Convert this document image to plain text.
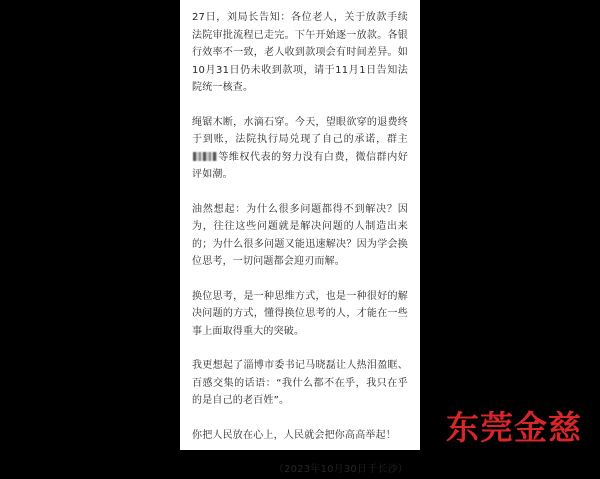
27日，刘局长告知：各位老人，关于放款手续法院审批流程已走完。下午开始逐一放款。各银行效率不一致，老人收到款项会有时间差异。如10月31日仍未收到款项，请于11月1日告知法院统一核查。

绳锯木断，水滴石穿。今天，望眼欲穿的退费终于到账，法院执行局兑现了自己的承诺，群主等维权代表的努力没有白费，微信群内好评如潮。

油然想起：为什么很多问题都得不到解决？因为，往往这些问题就是解决问题的人制造出来的；为什么很多问题又能迅速解决？因为学会换位思考，一切问题都会迎刃而解。

换位思考，是一种思维方式，也是一种很好的解决问题的方式，懂得换位思考的人，才能在一些事上面取得重大的突破。

我更想起了淄博市委书记马晓磊让人热泪盈眶、百感交集的话语：“我什么都不在乎，我只在乎的是自己的老百姓”。

你把人民放在心上，人民就会把你高高举起！

（2023年10月30日于长沙）

东莞金慈
